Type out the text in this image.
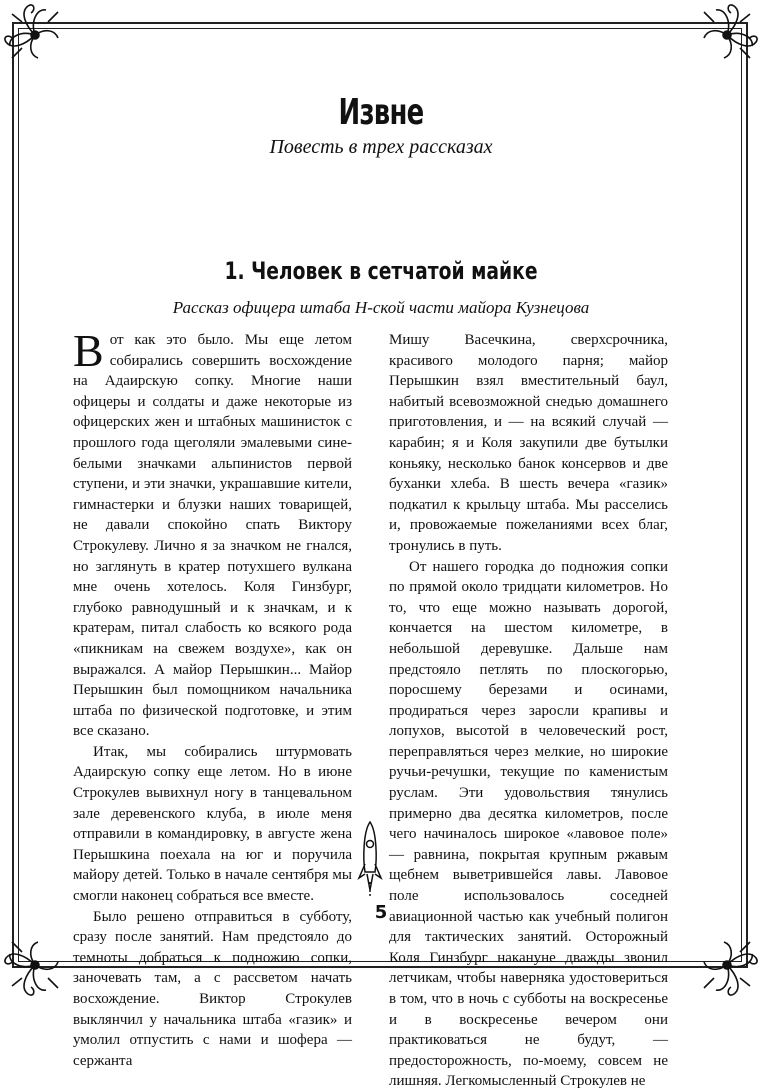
Извне
Повесть в трех рассказах
1. Человек в сетчатой майке
Рассказ офицера штаба Н-ской части майора Кузнецова

Вот как это было. Мы еще летом собирались совершить восхождение на Адаирскую сопку. Многие наши офицеры и солдаты и даже некоторые из офицерских жен и штабных машинисток с прошлого года щеголяли эмалевыми сине-белыми значками альпинистов первой ступени, и эти значки, украшавшие кители, гимнастерки и блузки наших товарищей, не давали спокойно спать Виктору Строкулеву. Лично я за значком не гнался, но заглянуть в кратер потухшего вулкана мне очень хотелось. Коля Гинзбург, глубоко равнодушный и к значкам, и к кратерам, питал слабость ко всякого рода «пикникам на свежем воздухе», как он выражался. А майор Перышкин... Майор Перышкин был помощником начальника штаба по физической подготовке, и этим все сказано.

Итак, мы собирались штурмовать Адаирскую сопку еще летом. Но в июне Строкулев вывихнул ногу в танцевальном зале деревенского клуба, в июле меня отправили в командировку, в августе жена Перышкина поехала на юг и поручила майору детей. Только в начале сентября мы смогли наконец собраться все вместе.

Было решено отправиться в субботу, сразу после занятий. Нам предстояло до темноты добраться к подножию сопки, заночевать там, а с рассветом начать восхождение. Виктор Строкулев выклянчил у начальника штаба «газик» и умолил отпустить с нами и шофера — сержанта

Мишу Васечкина, сверхсрочника, красивого молодого парня; майор Перышкин взял вместительный баул, набитый всевозможной снедью домашнего приготовления, и — на всякий случай — карабин; я и Коля закупили две бутылки коньяку, несколько банок консервов и две буханки хлеба. В шесть вечера «газик» подкатил к крыльцу штаба. Мы расселись и, провожаемые пожеланиями всех благ, тронулись в путь.

От нашего городка до подножия сопки по прямой около тридцати километров. Но то, что еще можно называть дорогой, кончается на шестом километре, в небольшой деревушке. Дальше нам предстояло петлять по плоскогорью, поросшему березами и осинами, продираться через заросли крапивы и лопухов, высотой в человеческий рост, переправляться через мелкие, но широкие ручьи-речушки, текущие по каменистым руслам. Эти удовольствия тянулись примерно два десятка километров, после чего начиналось широкое «лавовое поле» — равнина, покрытая крупным ржавым щебнем выветрившейся лавы. Лавовое поле использовалось соседней авиационной частью как учебный полигон для тактических занятий. Осторожный Коля Гинзбург накануне дважды звонил летчикам, чтобы наверняка удостовериться в том, что в ночь с субботы на воскресенье и в воскресенье вечером они практиковаться не будут, — предосторожность, по-моему, совсем не лишняя. Легкомысленный Строкулев не

5
